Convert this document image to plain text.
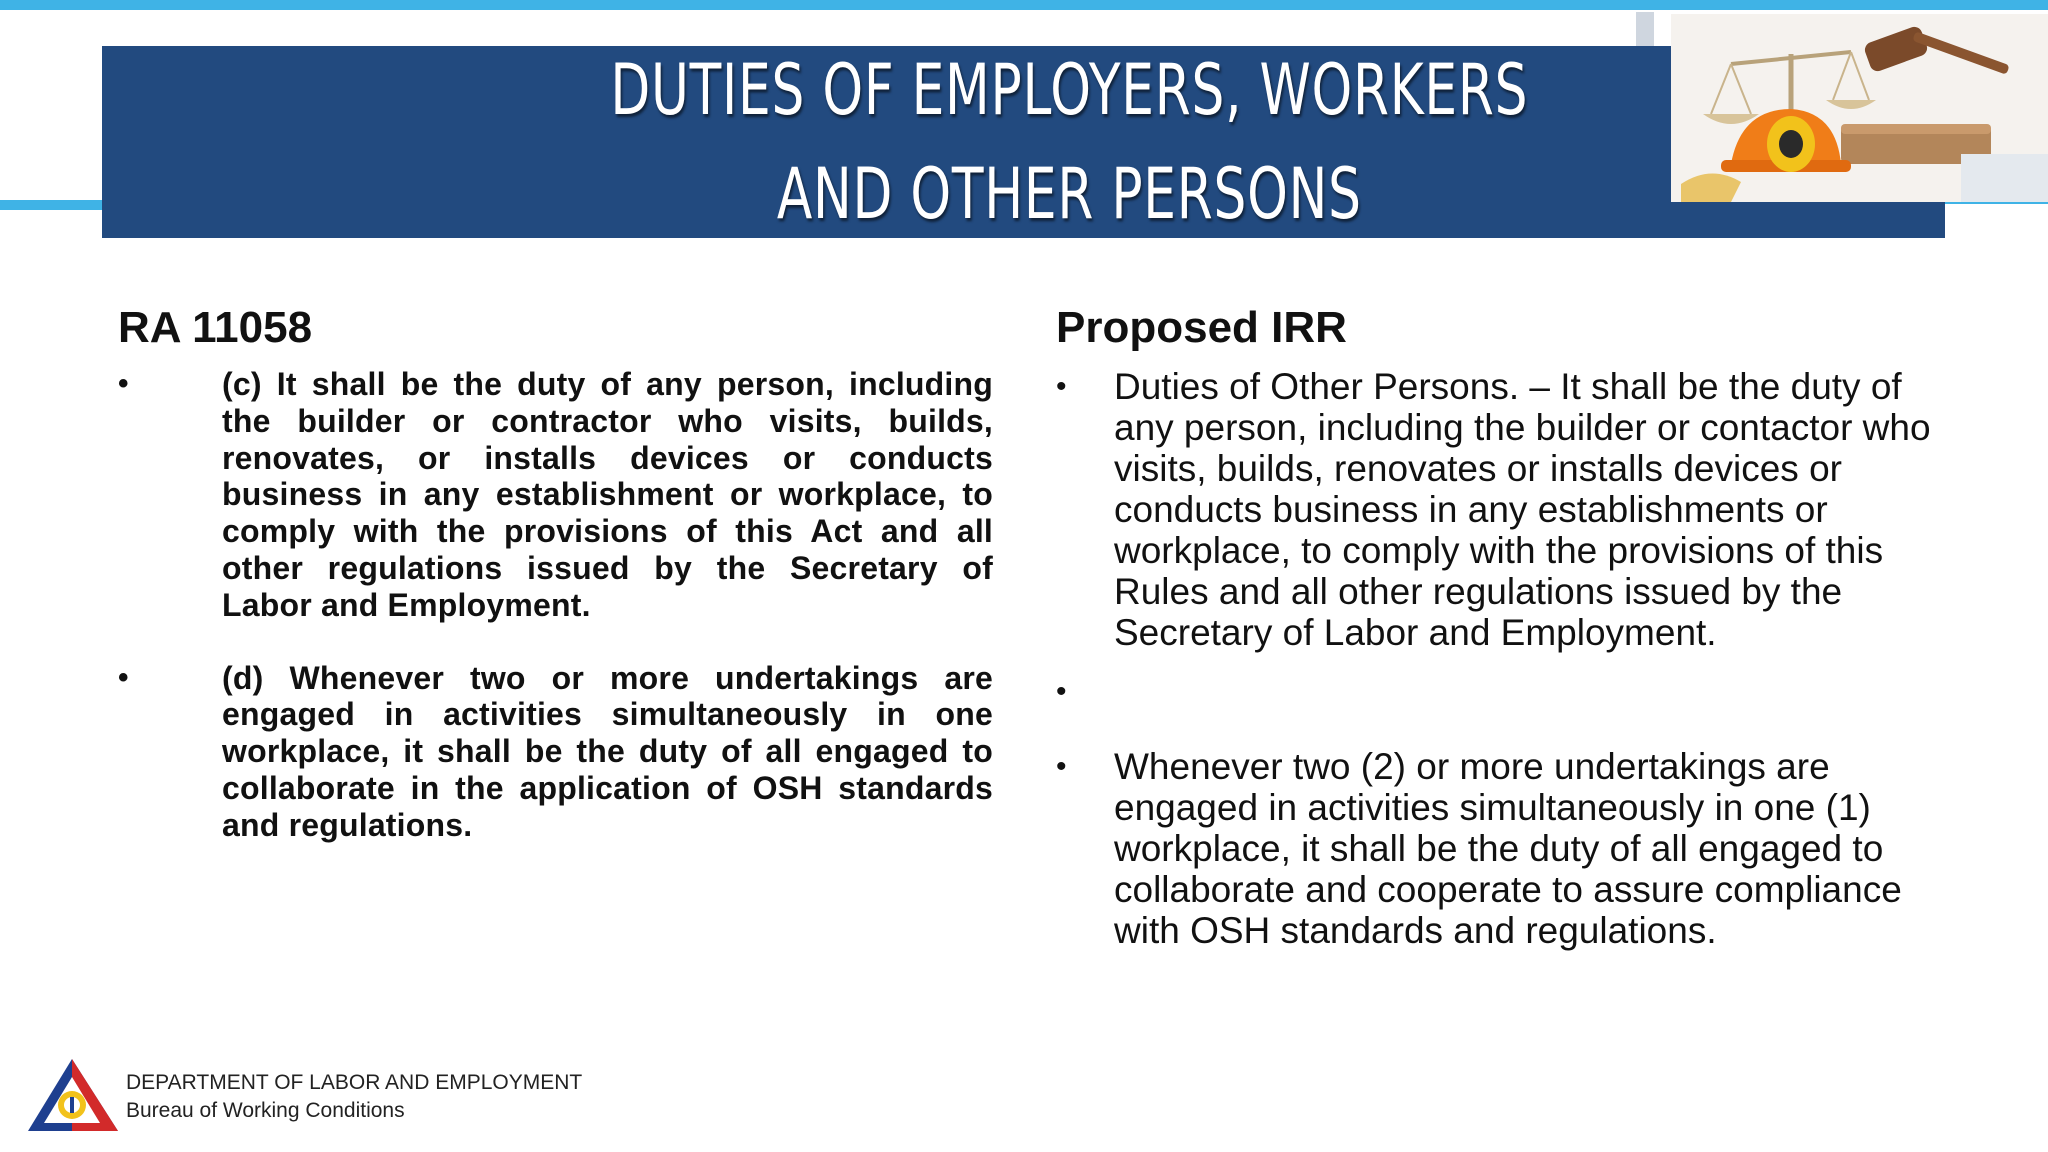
DUTIES OF EMPLOYERS, WORKERS
AND OTHER PERSONS
RA 11058
•	(c) It shall be the duty of any person, including the builder or contractor who visits, builds, renovates, or installs devices or conducts business in any establishment or workplace, to comply with the provisions of this Act and all other regulations issued by the Secretary of Labor and Employment.
•	(d) Whenever two or more undertakings are engaged in activities simultaneously in one workplace, it shall be the duty of all engaged to collaborate in the application of OSH standards and regulations.
Proposed IRR
• Duties of Other Persons. – It shall be the duty of any person, including the builder or contactor who visits, builds, renovates or installs devices or conducts business in any establishments or workplace, to comply with the provisions of this Rules and all other regulations issued by the Secretary of Labor and Employment.
•
• Whenever two (2) or more undertakings are engaged in activities simultaneously in one (1) workplace, it shall be the duty of all engaged to collaborate and cooperate to assure compliance with OSH standards and regulations.
DEPARTMENT OF LABOR AND EMPLOYMENT
Bureau of Working Conditions
